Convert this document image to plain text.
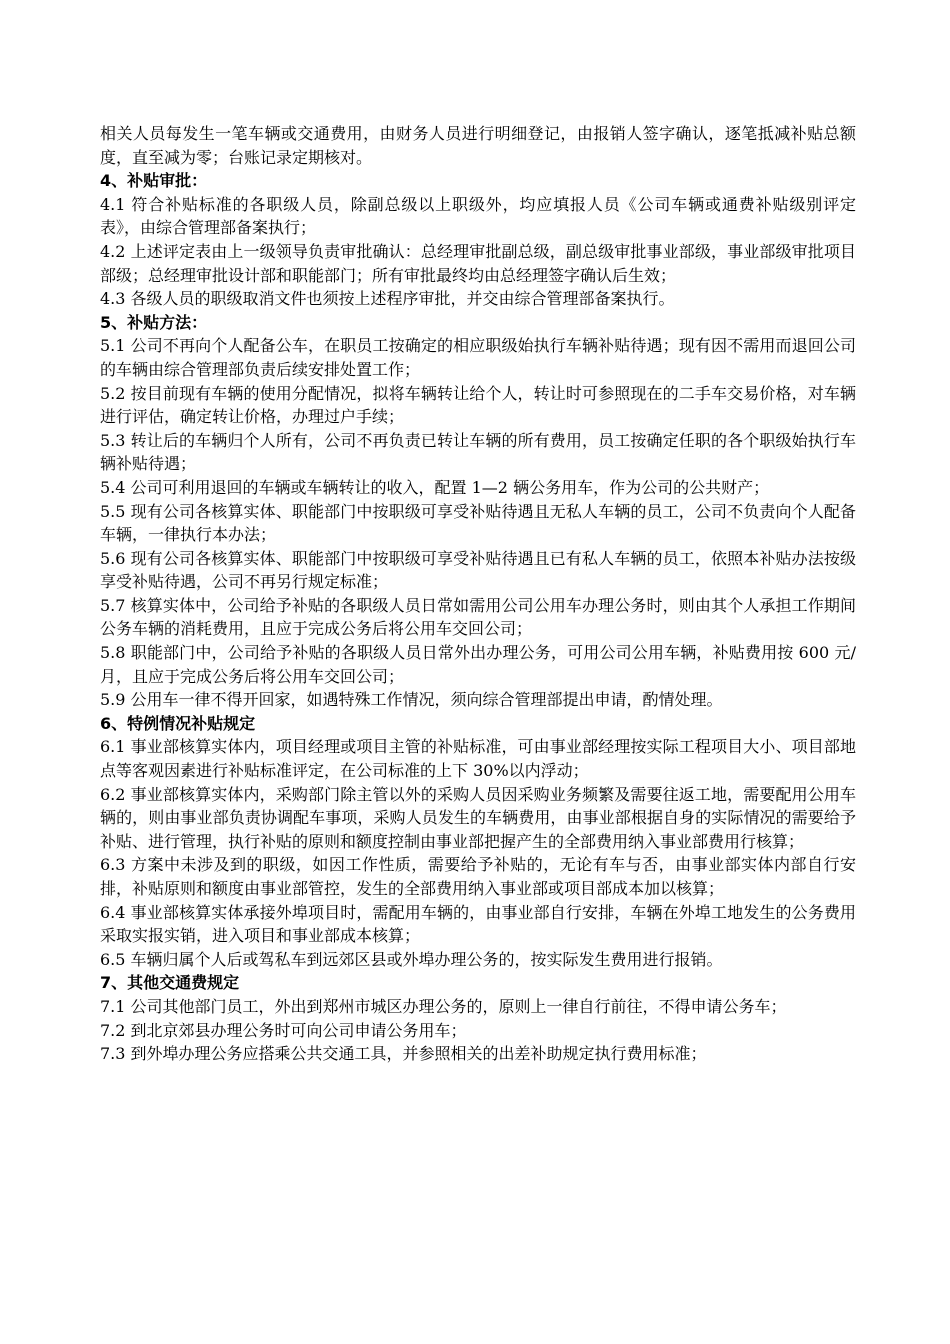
相关人员每发生一笔车辆或交通费用，由财务人员进行明细登记，由报销人签字确认，逐笔抵减补贴总额度，直至减为零；台账记录定期核对。

4、补贴审批：

4.1 符合补贴标准的各职级人员，除副总级以上职级外，均应填报人员《公司车辆或通费补贴级别评定表》，由综合管理部备案执行；

4.2 上述评定表由上一级领导负责审批确认：总经理审批副总级，副总级审批事业部级，事业部级审批项目部级；总经理审批设计部和职能部门；所有审批最终均由总经理签字确认后生效；

4.3 各级人员的职级取消文件也须按上述程序审批，并交由综合管理部备案执行。

5、补贴方法：

5.1 公司不再向个人配备公车，在职员工按确定的相应职级始执行车辆补贴待遇；现有因不需用而退回公司的车辆由综合管理部负责后续安排处置工作；

5.2 按目前现有车辆的使用分配情况，拟将车辆转让给个人，转让时可参照现在的二手车交易价格，对车辆进行评估，确定转让价格，办理过户手续；

5.3 转让后的车辆归个人所有，公司不再负责已转让车辆的所有费用，员工按确定任职的各个职级始执行车辆补贴待遇；

5.4 公司可利用退回的车辆或车辆转让的收入，配置 1—2 辆公务用车，作为公司的公共财产；

5.5 现有公司各核算实体、职能部门中按职级可享受补贴待遇且无私人车辆的员工，公司不负责向个人配备车辆，一律执行本办法；

5.6 现有公司各核算实体、职能部门中按职级可享受补贴待遇且已有私人车辆的员工，依照本补贴办法按级享受补贴待遇，公司不再另行规定标准；

5.7 核算实体中，公司给予补贴的各职级人员日常如需用公司公用车办理公务时，则由其个人承担工作期间公务车辆的消耗费用，且应于完成公务后将公用车交回公司；

5.8 职能部门中，公司给予补贴的各职级人员日常外出办理公务，可用公司公用车辆，补贴费用按 600 元/月，且应于完成公务后将公用车交回公司；

5.9 公用车一律不得开回家，如遇特殊工作情况，须向综合管理部提出申请，酌情处理。

6、特例情况补贴规定

6.1 事业部核算实体内，项目经理或项目主管的补贴标准，可由事业部经理按实际工程项目大小、项目部地点等客观因素进行补贴标准评定，在公司标准的上下 30%以内浮动；

6.2 事业部核算实体内，采购部门除主管以外的采购人员因采购业务频繁及需要往返工地，需要配用公用车辆的，则由事业部负责协调配车事项，采购人员发生的车辆费用，由事业部根据自身的实际情况的需要给予补贴、进行管理，执行补贴的原则和额度控制由事业部把握产生的全部费用纳入事业部费用行核算；

6.3 方案中未涉及到的职级，如因工作性质，需要给予补贴的，无论有车与否，由事业部实体内部自行安排，补贴原则和额度由事业部管控，发生的全部费用纳入事业部或项目部成本加以核算；

6.4 事业部核算实体承接外埠项目时，需配用车辆的，由事业部自行安排，车辆在外埠工地发生的公务费用采取实报实销，进入项目和事业部成本核算；

6.5 车辆归属个人后或驾私车到远郊区县或外埠办理公务的，按实际发生费用进行报销。

7、其他交通费规定

7.1 公司其他部门员工，外出到郑州市城区办理公务的，原则上一律自行前往，不得申请公务车；

7.2 到北京郊县办理公务时可向公司申请公务用车；

7.3 到外埠办理公务应搭乘公共交通工具，并参照相关的出差补助规定执行费用标准；
